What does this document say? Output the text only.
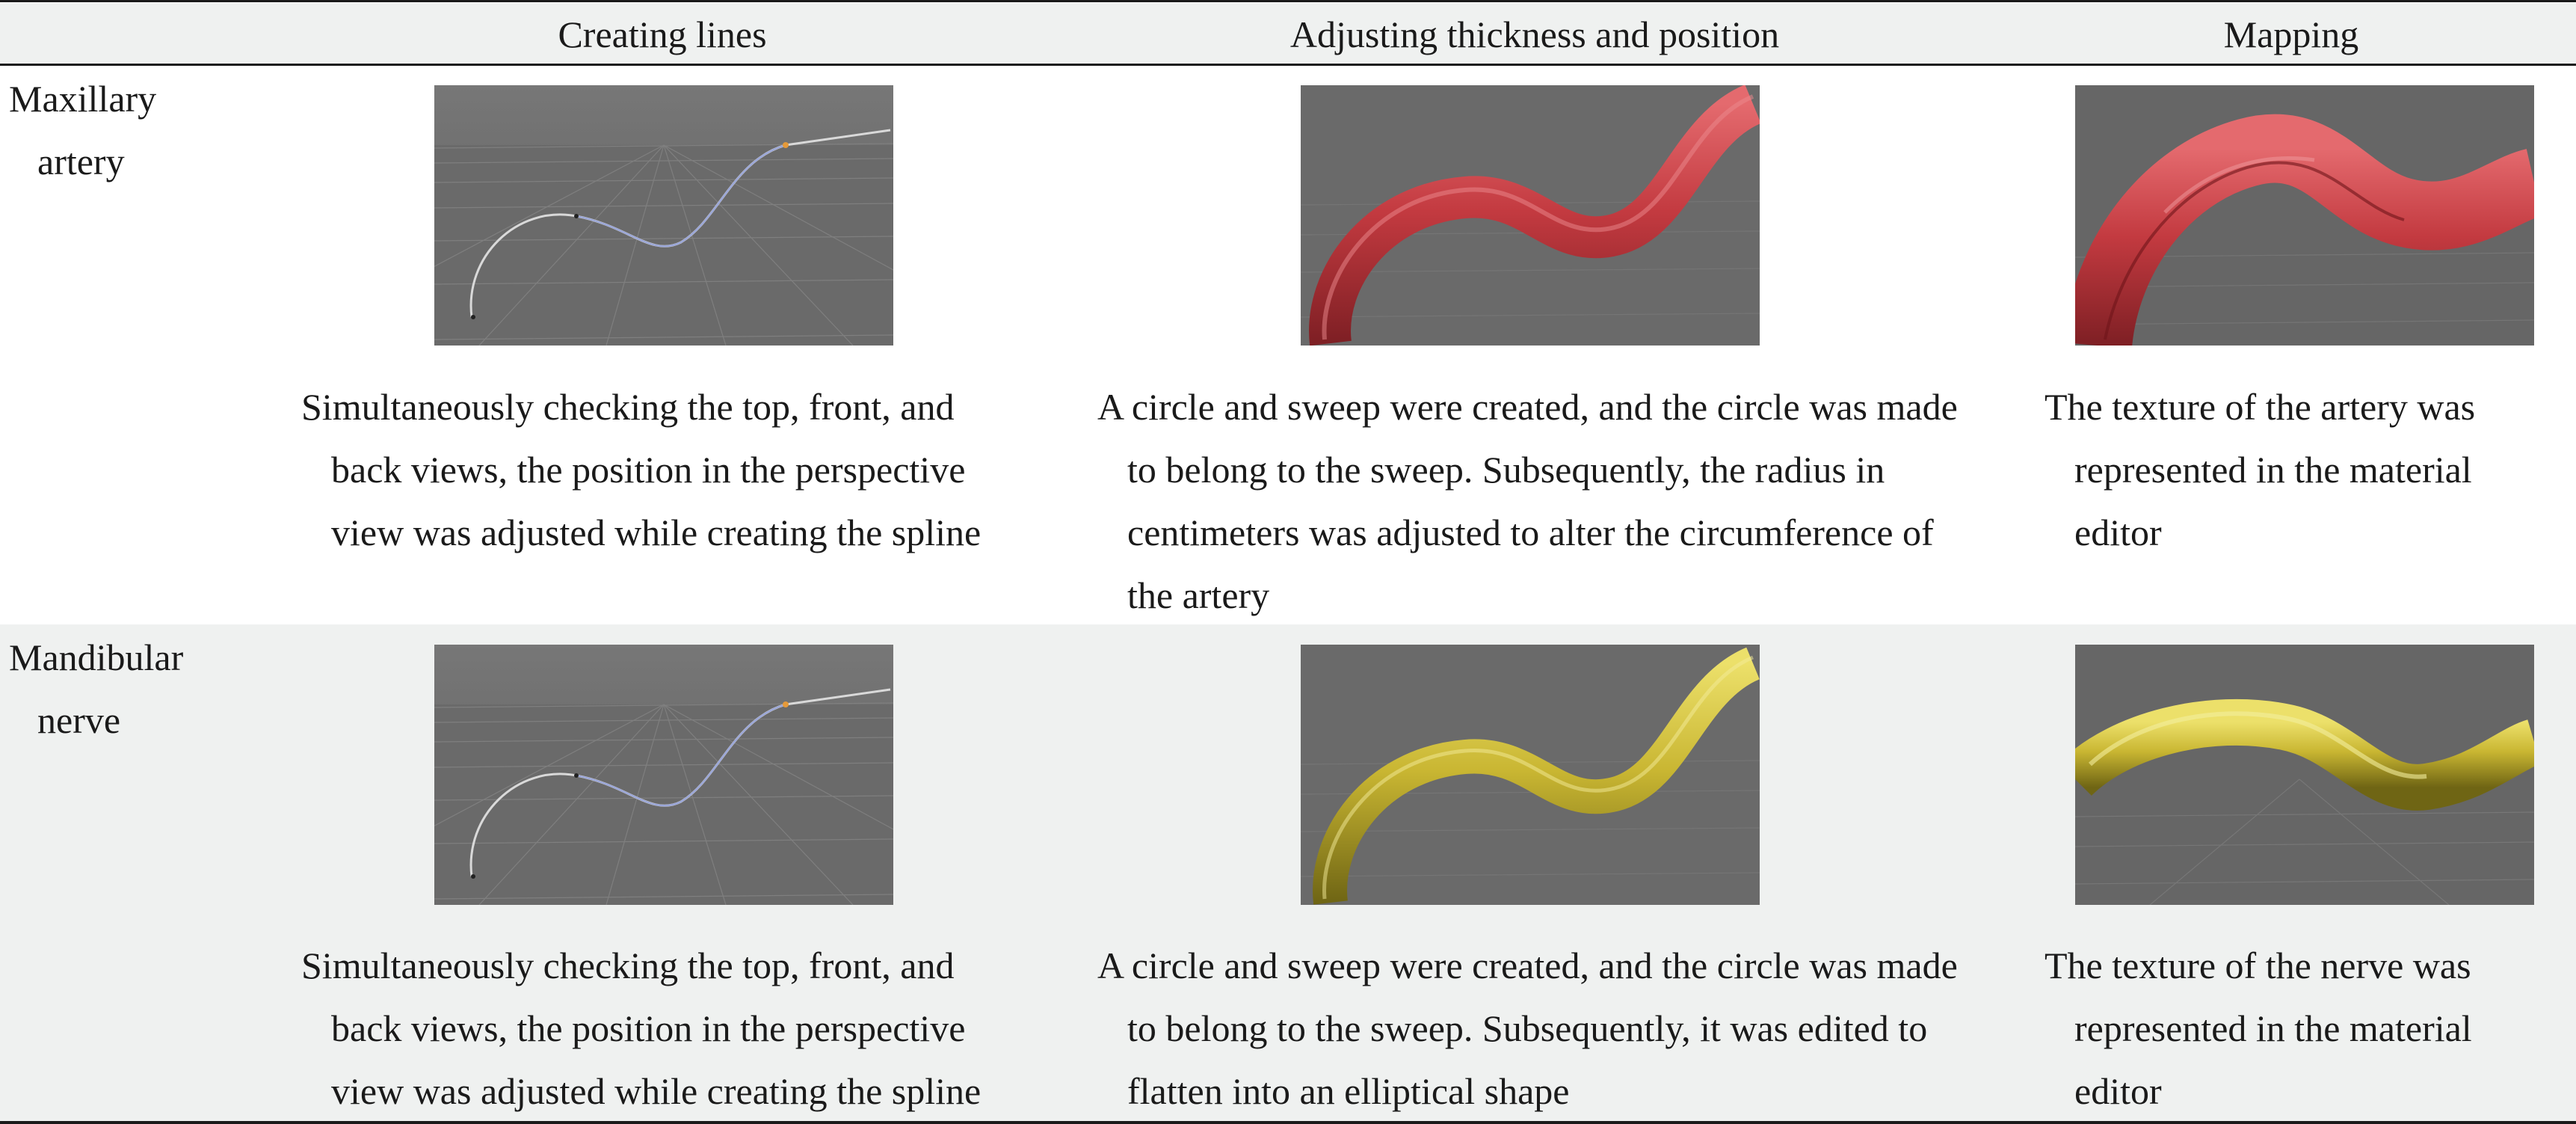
Creating lines	Adjusting thickness and position	Mapping
Maxillary
artery
Simultaneously checking the top, front, and
back views, the position in the perspective
view was adjusted while creating the spline
A circle and sweep were created, and the circle was made
to belong to the sweep. Subsequently, the radius in
centimeters was adjusted to alter the circumference of
the artery
The texture of the artery was
represented in the material
editor
Mandibular
nerve
Simultaneously checking the top, front, and
back views, the position in the perspective
view was adjusted while creating the spline
A circle and sweep were created, and the circle was made
to belong to the sweep. Subsequently, it was edited to
flatten into an elliptical shape
The texture of the nerve was
represented in the material
editor
